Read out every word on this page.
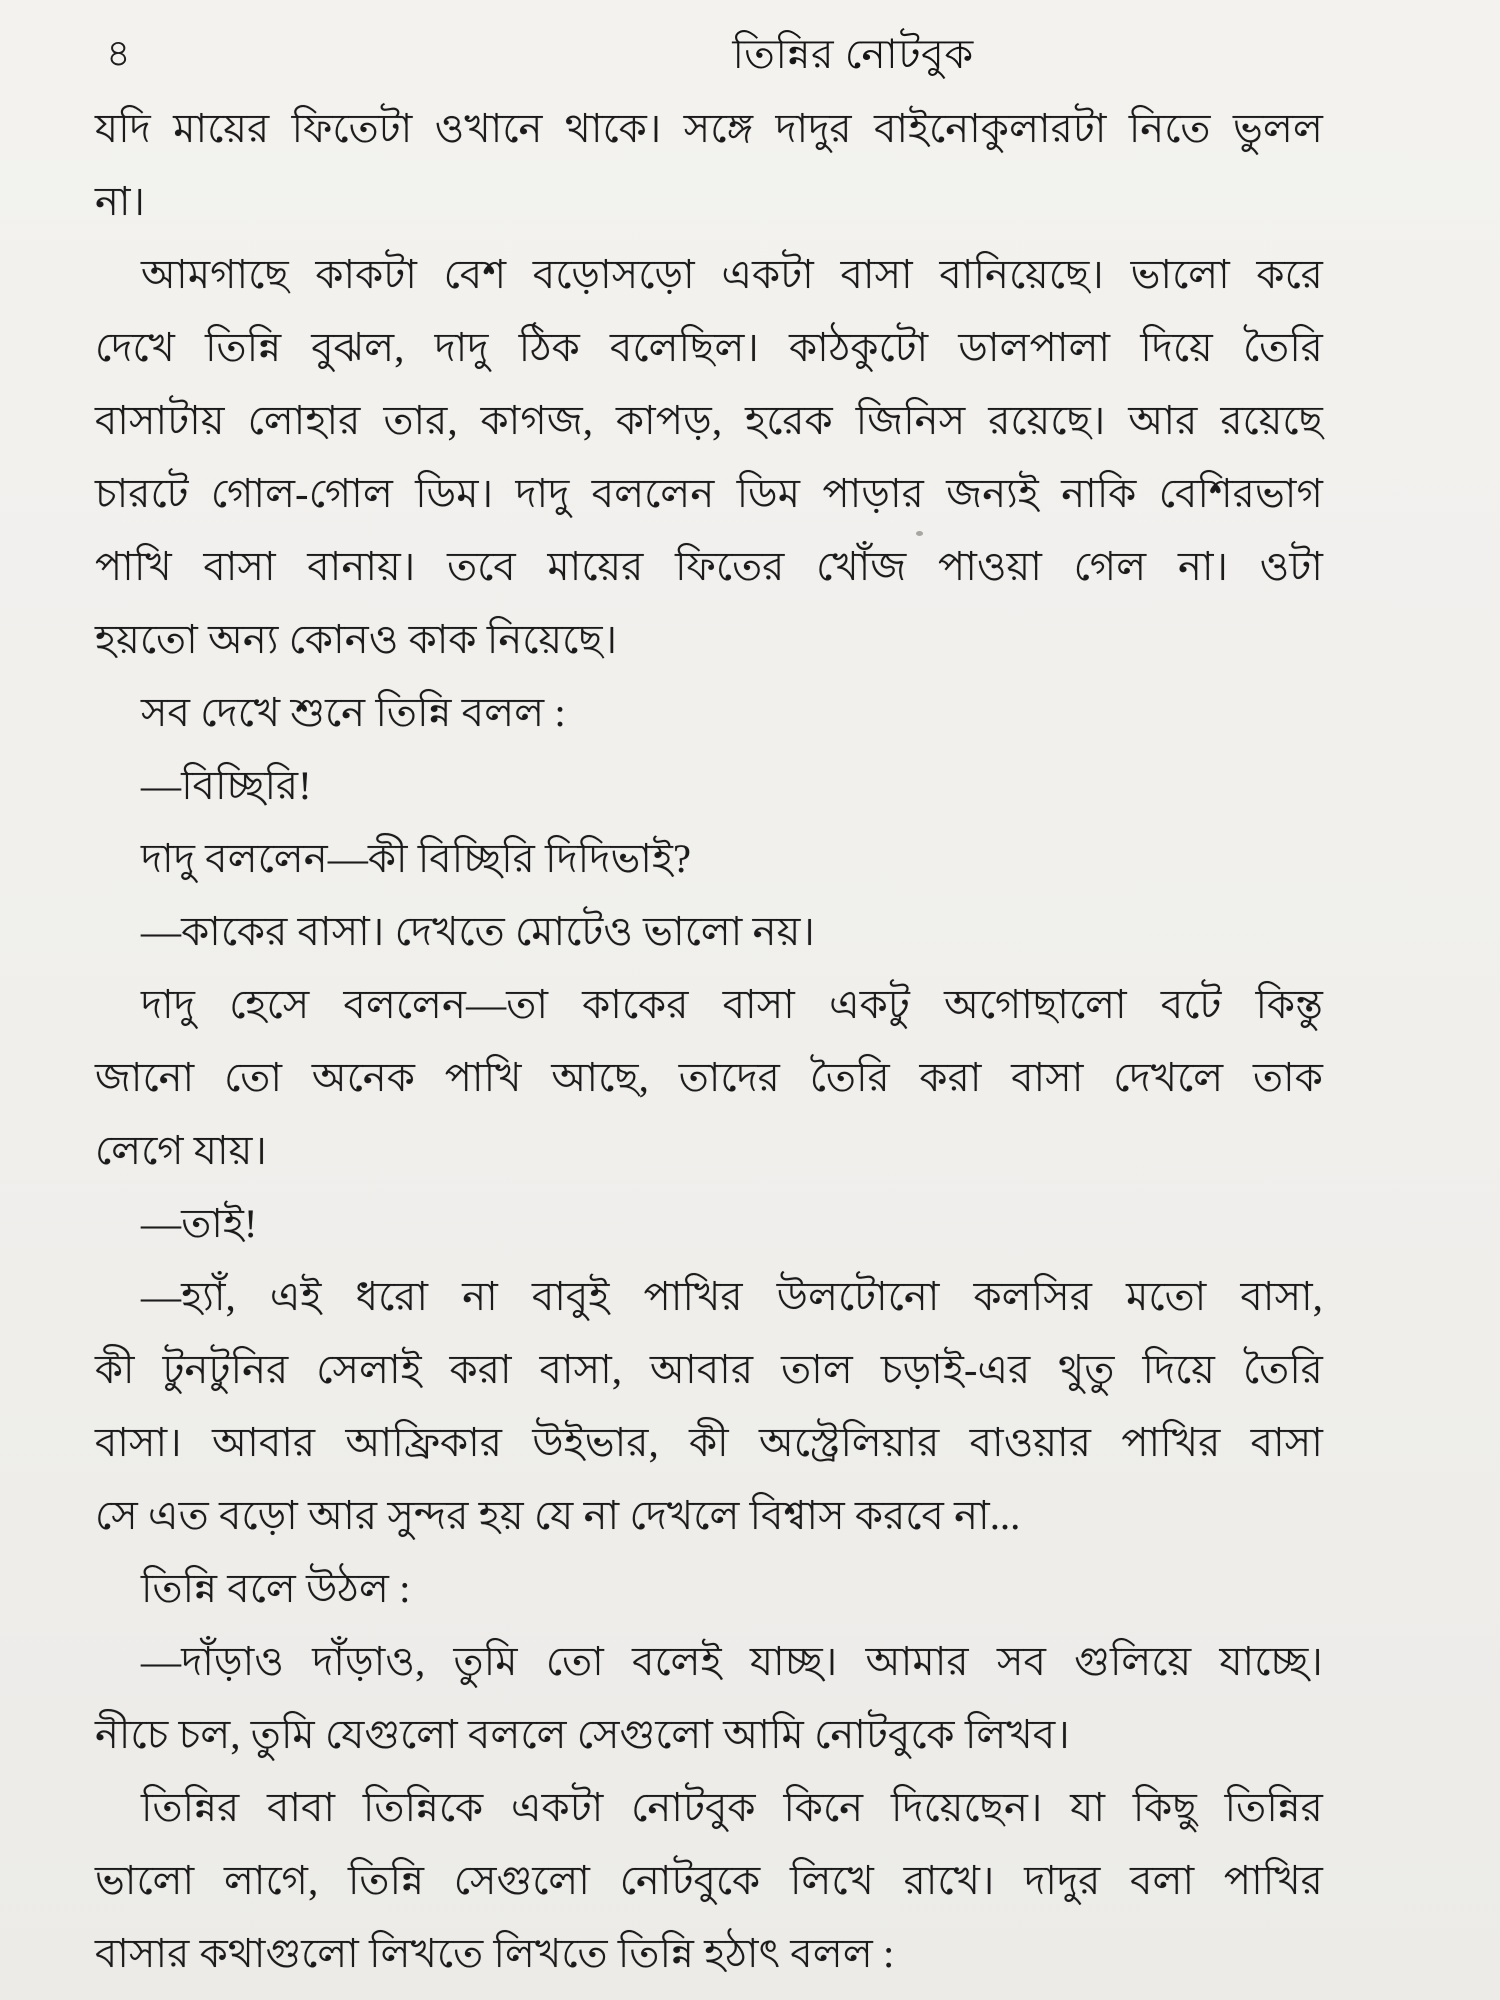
৪	তিন্নির নোটবুক
যদি মায়ের ফিতেটা ওখানে থাকে। সঙ্গে দাদুর বাইনোকুলারটা নিতে ভুলল
না।
আমগাছে কাকটা বেশ বড়োসড়ো একটা বাসা বানিয়েছে। ভালো করে
দেখে তিন্নি বুঝল, দাদু ঠিক বলেছিল। কাঠকুটো ডালপালা দিয়ে তৈরি
বাসাটায় লোহার তার, কাগজ, কাপড়, হরেক জিনিস রয়েছে। আর রয়েছে
চারটে গোল-গোল ডিম। দাদু বললেন ডিম পাড়ার জন্যই নাকি বেশিরভাগ
পাখি বাসা বানায়। তবে মায়ের ফিতের খোঁজ পাওয়া গেল না। ওটা
হয়তো অন্য কোনও কাক নিয়েছে।
সব দেখে শুনে তিন্নি বলল :
—বিচ্ছিরি!
দাদু বললেন—কী বিচ্ছিরি দিদিভাই?
—কাকের বাসা। দেখতে মোটেও ভালো নয়।
দাদু হেসে বললেন—তা কাকের বাসা একটু অগোছালো বটে কিন্তু
জানো তো অনেক পাখি আছে, তাদের তৈরি করা বাসা দেখলে তাক
লেগে যায়।
—তাই!
—হ্যাঁ, এই ধরো না বাবুই পাখির উলটোনো কলসির মতো বাসা,
কী টুনটুনির সেলাই করা বাসা, আবার তাল চড়াই-এর থুতু দিয়ে তৈরি
বাসা। আবার আফ্রিকার উইভার, কী অস্ট্রেলিয়ার বাওয়ার পাখির বাসা
সে এত বড়ো আর সুন্দর হয় যে না দেখলে বিশ্বাস করবে না...
তিন্নি বলে উঠল :
—দাঁড়াও দাঁড়াও, তুমি তো বলেই যাচ্ছ। আমার সব গুলিয়ে যাচ্ছে।
নীচে চল, তুমি যেগুলো বললে সেগুলো আমি নোটবুকে লিখব।
তিন্নির বাবা তিন্নিকে একটা নোটবুক কিনে দিয়েছেন। যা কিছু তিন্নির
ভালো লাগে, তিন্নি সেগুলো নোটবুকে লিখে রাখে। দাদুর বলা পাখির
বাসার কথাগুলো লিখতে লিখতে তিন্নি হঠাৎ বলল :
